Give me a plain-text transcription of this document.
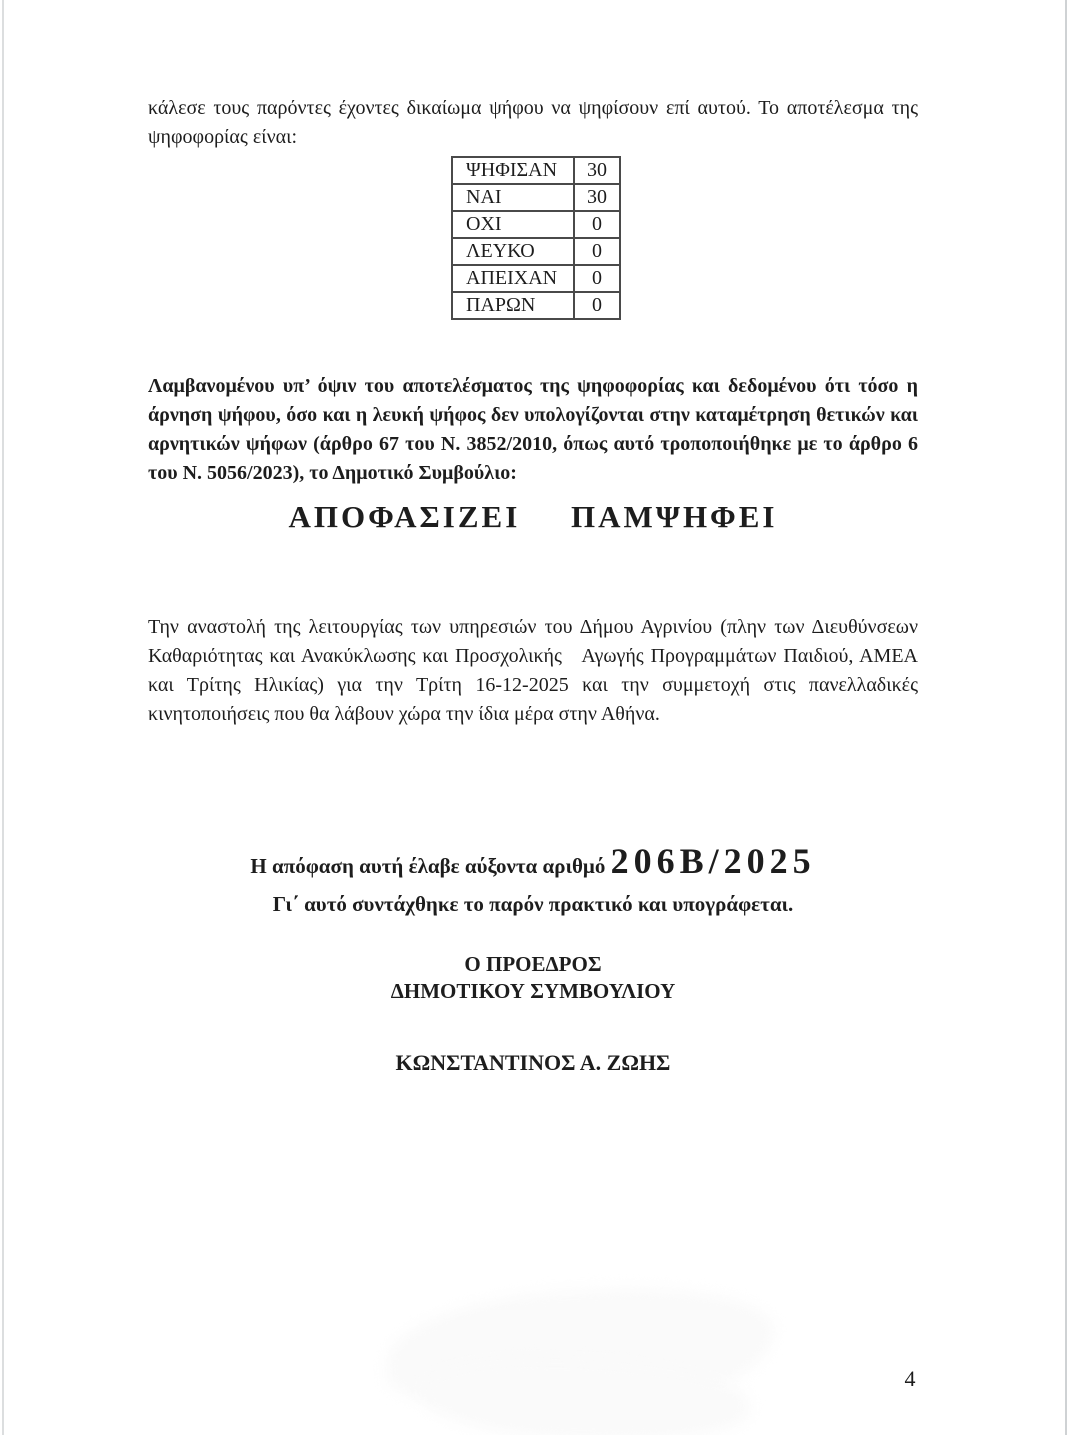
κάλεσε τους παρόντες έχοντες δικαίωμα ψήφου να ψηφίσουν επί αυτού. Το αποτέλεσμα της ψηφοφορίας είναι:

ΨΗΦΙΣΑΝ	30
ΝΑΙ	30
ΟΧΙ	0
ΛΕΥΚΟ	0
ΑΠΕΙΧΑΝ	0
ΠΑΡΩΝ	0

Λαμβανομένου υπ’ όψιν του αποτελέσματος της ψηφοφορίας και δεδομένου ότι τόσο η άρνηση ψήφου, όσο και η λευκή ψήφος δεν υπολογίζονται στην καταμέτρηση θετικών και αρνητικών ψήφων (άρθρο 67 του Ν. 3852/2010, όπως αυτό τροποποιήθηκε με το άρθρο 6 του Ν. 5056/2023), το Δημοτικό Συμβούλιο:

ΑΠΟΦΑΣΙΖΕΙ ΠΑΜΨΗΦΕΙ

Την αναστολή της λειτουργίας των υπηρεσιών του Δήμου Αγρινίου (πλην των Διευθύνσεων Καθαριότητας και Ανακύκλωσης και Προσχολικής   Αγωγής Προγραμμάτων Παιδιού, ΑΜΕΑ και Τρίτης Ηλικίας) για την Τρίτη 16-12-2025 και την συμμετοχή στις πανελλαδικές κινητοποιήσεις που θα λάβουν χώρα την ίδια μέρα στην Αθήνα.

Η απόφαση αυτή έλαβε αύξοντα αριθμό 206Β/2025
Γι΄ αυτό συντάχθηκε το παρόν πρακτικό και υπογράφεται.
Ο ΠΡΟΕΔΡΟΣ
ΔΗΜΟΤΙΚΟΥ ΣΥΜΒΟΥΛΙΟΥ
ΚΩΝΣΤΑΝΤΙΝΟΣ Α. ΖΩΗΣ
4
